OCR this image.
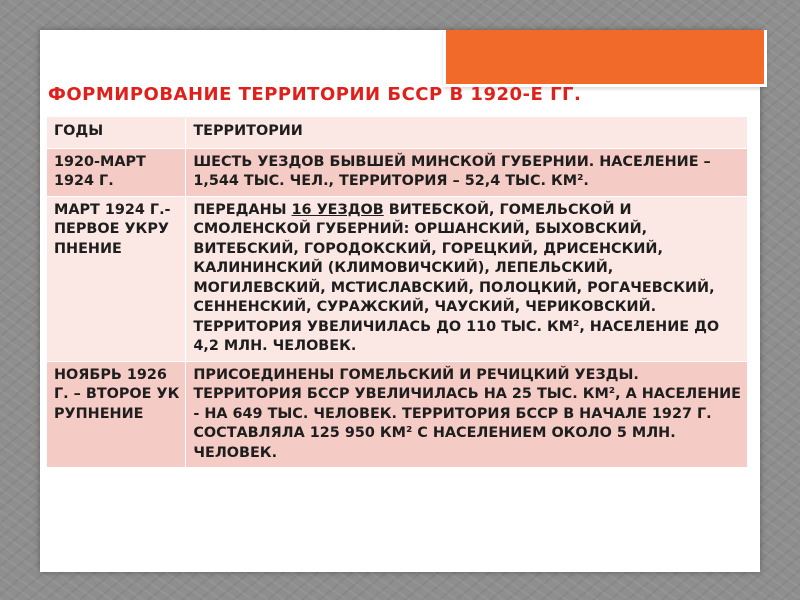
ФОРМИРОВАНИЕ ТЕРРИТОРИИ БССР В 1920-Е ГГ.
ГОДЫ	ТЕРРИТОРИИ
1920-МАРТ 1924 Г.	ШЕСТЬ УЕЗДОВ БЫВШЕЙ МИНСКОЙ ГУБЕРНИИ. НАСЕЛЕНИЕ – 1,544 ТЫС. ЧЕЛ., ТЕРРИТОРИЯ – 52,4 ТЫС. КМ².
МАРТ 1924 Г.-ПЕРВОЕ УКРУПНЕНИЕ	ПЕРЕДАНЫ 16 УЕЗДОВ ВИТЕБСКОЙ, ГОМЕЛЬСКОЙ И СМОЛЕНСКОЙ ГУБЕРНИЙ: ОРШАНСКИЙ, БЫХОВСКИЙ, ВИТЕБСКИЙ, ГОРОДОКСКИЙ, ГОРЕЦКИЙ, ДРИСЕНСКИЙ, КАЛИНИНСКИЙ (КЛИМОВИЧСКИЙ), ЛЕПЕЛЬСКИЙ, МОГИЛЕВСКИЙ, МСТИСЛАВСКИЙ, ПОЛОЦКИЙ, РОГАЧЕВСКИЙ, СЕННЕНСКИЙ, СУРАЖСКИЙ, ЧАУСКИЙ, ЧЕРИКОВСКИЙ. ТЕРРИТОРИЯ УВЕЛИЧИЛАСЬ ДО 110 ТЫС. КМ², НАСЕЛЕНИЕ ДО 4,2 МЛН. ЧЕЛОВЕК.
НОЯБРЬ 1926 Г. – ВТОРОЕ УКРУПНЕНИЕ	ПРИСОЕДИНЕНЫ ГОМЕЛЬСКИЙ И РЕЧИЦКИЙ УЕЗДЫ. ТЕРРИТОРИЯ БССР УВЕЛИЧИЛАСЬ НА 25 ТЫС. КМ², А НАСЕЛЕНИЕ - НА 649 ТЫС. ЧЕЛОВЕК. ТЕРРИТОРИЯ БССР В НАЧАЛЕ 1927 Г. СОСТАВЛЯЛА 125 950 КМ² С НАСЕЛЕНИЕМ ОКОЛО 5 МЛН. ЧЕЛОВЕК.
